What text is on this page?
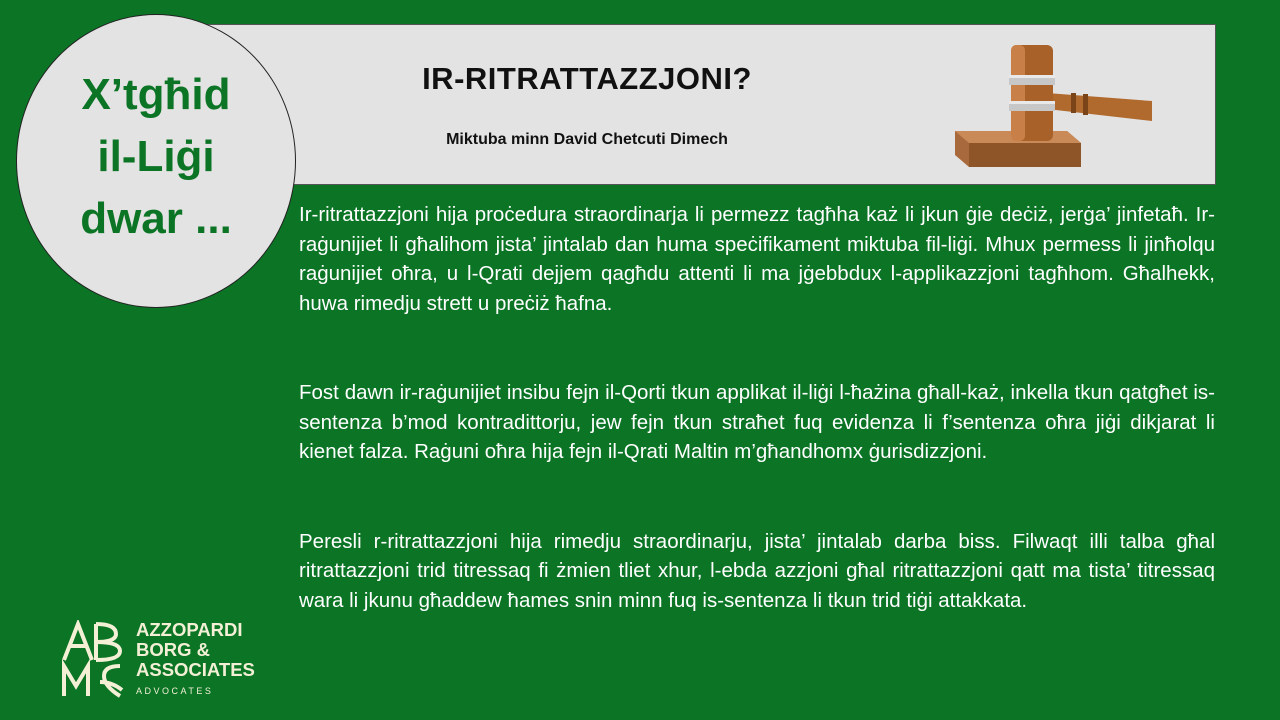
IR-RITRATTAZZJONI?
Miktuba minn David Chetcuti Dimech
X’tgħid
il-Liġi
dwar ...	Ir-ritrattazzjoni hija proċedura straordinarja li permezz tagħha każ li jkun ġie deċiż, jerġa’ jinfetaħ. Ir-raġunijiet li għalihom jista’ jintalab dan huma speċifikament miktuba fil-liġi. Mhux permess li jinħolqu raġunijiet oħra, u l-Qrati dejjem qagħdu attenti li ma jġebbdux l-applikazzjoni tagħhom. Għalhekk, huwa rimedju strett u preċiż ħafna.

Fost dawn ir-raġunijiet insibu fejn il-Qorti tkun applikat il-liġi l-ħażina għall-każ, inkella tkun qatgħet is-sentenza b’mod kontradittorju, jew fejn tkun straħet fuq evidenza li f’sentenza oħra jiġi dikjarat li kienet falza. Raġuni oħra hija fejn il-Qrati Maltin m’għandhomx ġurisdizzjoni.

Peresli r-ritrattazzjoni hija rimedju straordinarju, jista’ jintalab darba biss. Filwaqt illi talba għal ritrattazzjoni trid titressaq fi żmien tliet xhur, l-ebda azzjoni għal ritrattazzjoni qatt ma tista’ titressaq wara li jkunu għaddew ħames snin minn fuq is-sentenza li tkun trid tiġi attakkata.

AZZOPARDI
BORG &
ASSOCIATES
ADVOCATES
